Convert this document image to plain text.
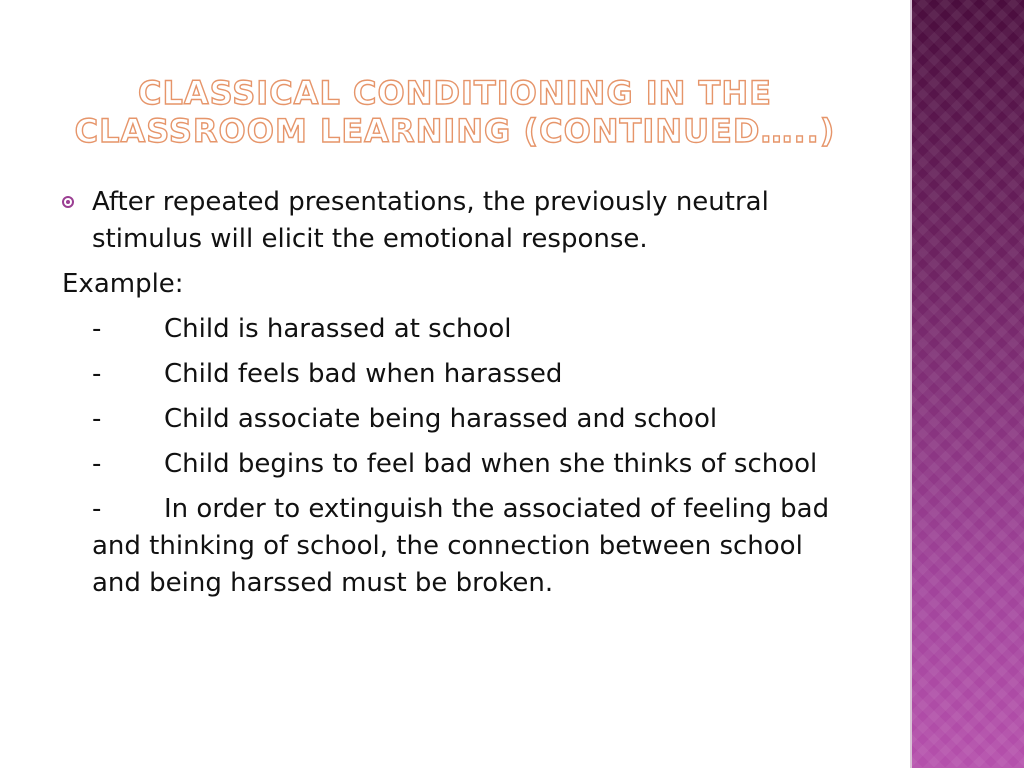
CLASSICAL CONDITIONING IN THE
CLASSROOM LEARNING (CONTINUED…..)
After repeated presentations, the previously neutral stimulus will elicit the emotional response.
Example:
- Child is harassed at school
- Child feels bad when harassed
- Child associate being harassed and school
- Child begins to feel bad when she thinks of school
- In order to extinguish the associated of feeling bad and thinking of school, the connection between school and being harssed must be broken.
